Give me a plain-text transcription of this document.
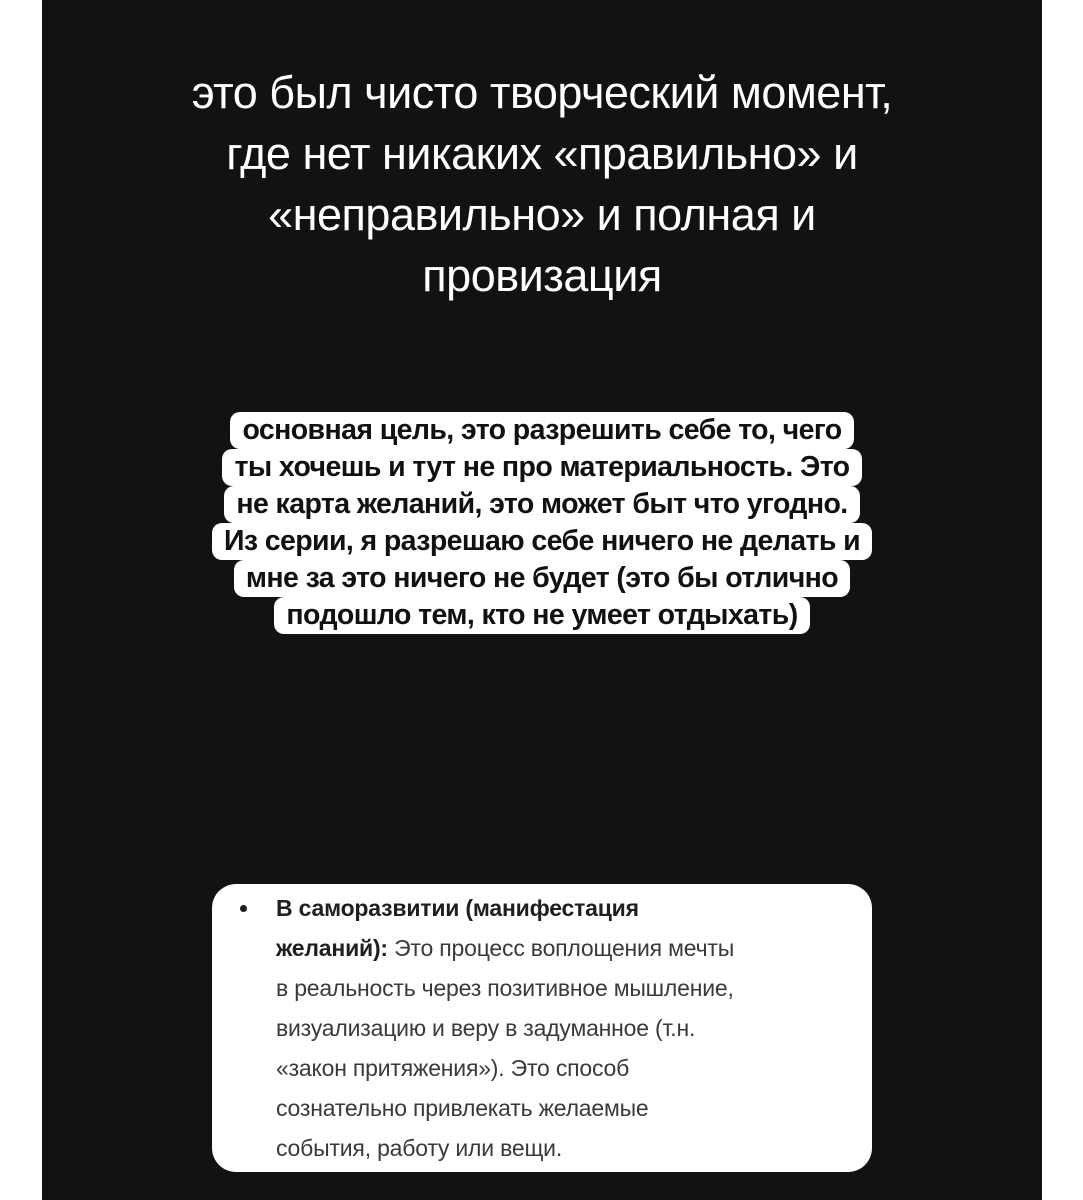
это был чисто творческий момент,
где нет никаких «правильно» и
«неправильно» и полная и
провизация
основная цель, это разрешить себе то, чего
ты хочешь и тут не про материальность. Это
не карта желаний, это может быт что угодно.
Из серии, я разрешаю себе ничего не делать и
мне за это ничего не будет (это бы отлично
подошло тем, кто не умеет отдыхать)
В саморазвитии (манифестация
желаний): Это процесс воплощения мечты
в реальность через позитивное мышление,
визуализацию и веру в задуманное (т.н.
«закон притяжения»). Это способ
сознательно привлекать желаемые
события, работу или вещи.
